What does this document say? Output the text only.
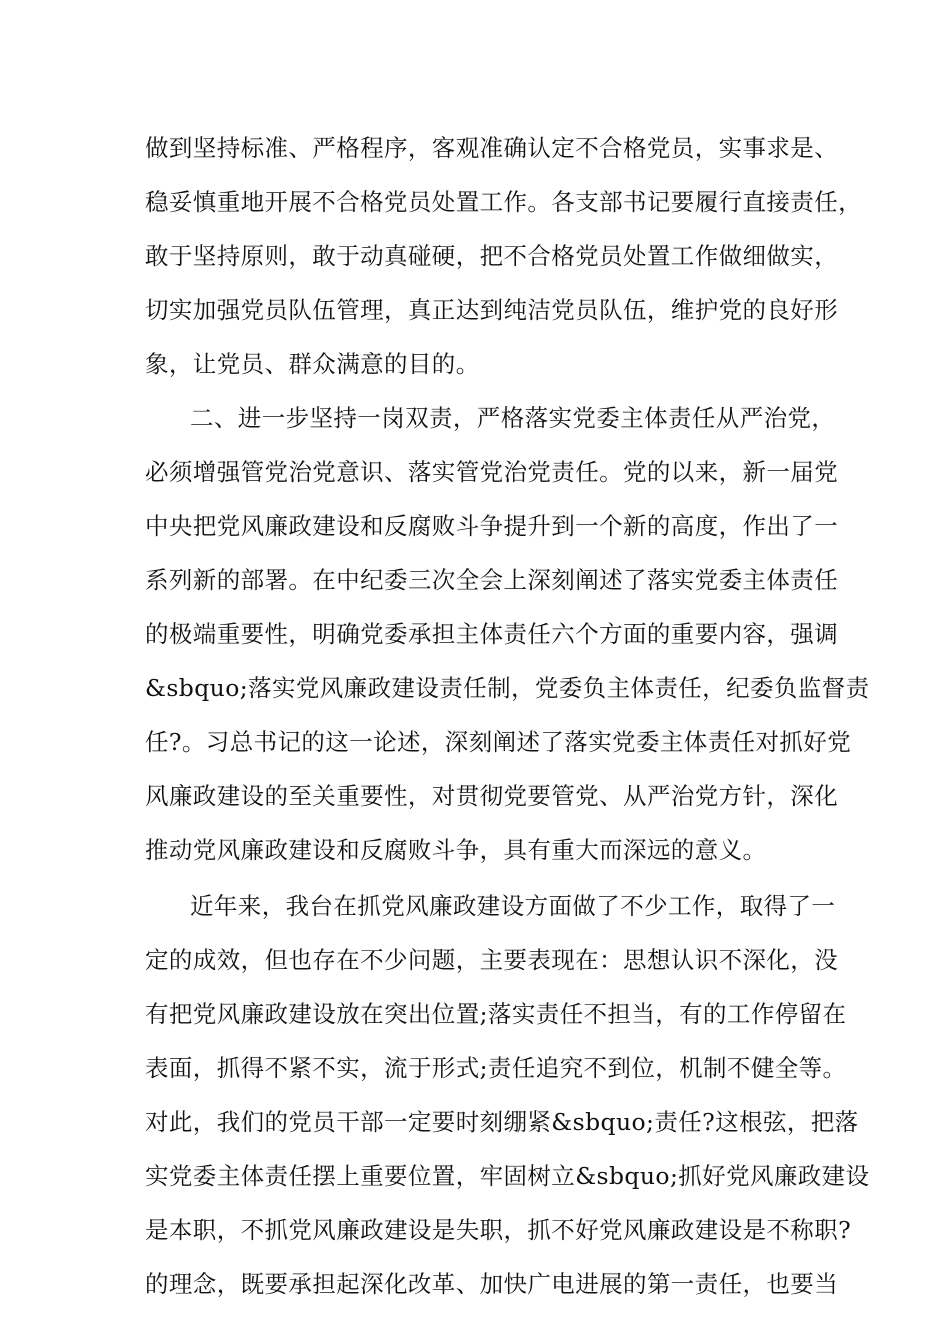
做到坚持标准、严格程序，客观准确认定不合格党员，实事求是、
稳妥慎重地开展不合格党员处置工作。各支部书记要履行直接责任，
敢于坚持原则，敢于动真碰硬，把不合格党员处置工作做细做实，
切实加强党员队伍管理，真正达到纯洁党员队伍，维护党的良好形
象，让党员、群众满意的目的。
二、进一步坚持一岗双责，严格落实党委主体责任从严治党，
必须增强管党治党意识、落实管党治党责任。党的以来，新一届党
中央把党风廉政建设和反腐败斗争提升到一个新的高度，作出了一
系列新的部署。在中纪委三次全会上深刻阐述了落实党委主体责任
的极端重要性，明确党委承担主体责任六个方面的重要内容，强调
&sbquo;落实党风廉政建设责任制，党委负主体责任，纪委负监督责
任?。习总书记的这一论述，深刻阐述了落实党委主体责任对抓好党
风廉政建设的至关重要性，对贯彻党要管党、从严治党方针，深化
推动党风廉政建设和反腐败斗争，具有重大而深远的意义。
近年来，我台在抓党风廉政建设方面做了不少工作，取得了一
定的成效，但也存在不少问题，主要表现在：思想认识不深化，没
有把党风廉政建设放在突出位置;落实责任不担当，有的工作停留在
表面，抓得不紧不实，流于形式;责任追究不到位，机制不健全等。
对此，我们的党员干部一定要时刻绷紧&sbquo;责任?这根弦，把落
实党委主体责任摆上重要位置，牢固树立&sbquo;抓好党风廉政建设
是本职，不抓党风廉政建设是失职，抓不好党风廉政建设是不称职?
的理念，既要承担起深化改革、加快广电进展的第一责任，也要当
